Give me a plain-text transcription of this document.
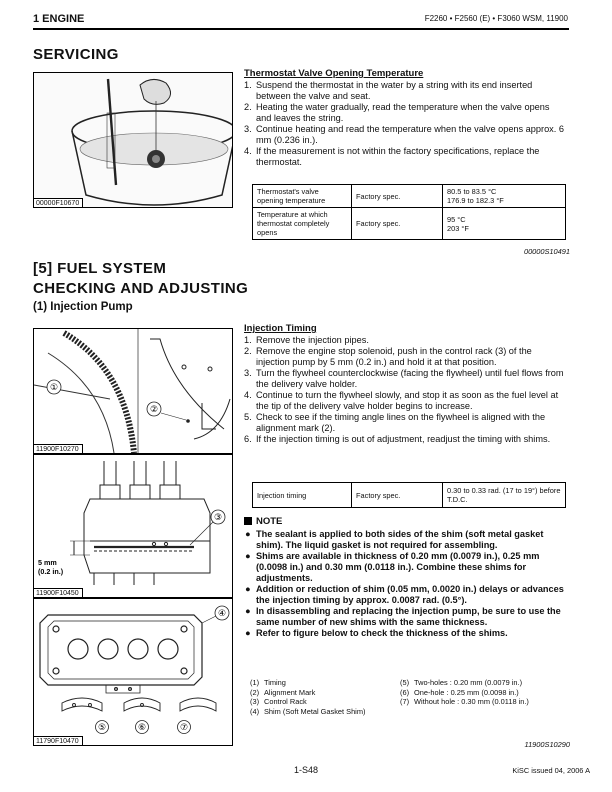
1 ENGINE	F2260 • F2560 (E) • F3060 WSM, 11900
SERVICING
00000F10670
Thermostat Valve Opening Temperature
1. Suspend the thermostat in the water by a string with its end inserted between the valve and seat.
2. Heating the water gradually, read the temperature when the valve opens and leaves the string.
3. Continue heating and read the temperature when the valve opens approx. 6 mm (0.236 in.).
4. If the measurement is not within the factory specifications, replace the thermostat.
Thermostat's valve opening temperature	Factory spec.	80.5 to 83.5 °C
176.9 to 182.3 °F

Temperature at which thermostat completely opens	Factory spec.	95 °C
203 °F
00000S10491
[5] FUEL SYSTEM
CHECKING AND ADJUSTING
(1) Injection Pump
①
②
11900F10270
③
5 mm
(0.2 in.)
11900F10450
④
⑤	⑥	⑦
11790F10470
Injection Timing
1. Remove the injection pipes.
2. Remove the engine stop solenoid, push in the control rack (3) of the injection pump by 5 mm (0.2 in.) and hold it at that position.
3. Turn the flywheel counterclockwise (facing the flywheel) until fuel flows from the delivery valve holder.
4. Continue to turn the flywheel slowly, and stop it as soon as the fuel level at the tip of the delivery valve holder begins to increase.
5. Check to see if the timing angle lines on the flywheel is aligned with the alignment mark (2).
6. If the injection timing is out of adjustment, readjust the timing with shims.
Injection timing	Factory spec.	0.30 to 0.33 rad. (17 to 19°) before T.D.C.
NOTE
● The sealant is applied to both sides of the shim (soft metal gasket shim). The liquid gasket is not required for assembling.
● Shims are available in thickness of 0.20 mm (0.0079 in.), 0.25 mm (0.0098 in.) and 0.30 mm (0.0118 in.). Combine these shims for adjustments.
● Addition or reduction of shim (0.05 mm, 0.0020 in.) delays or advances the injection timing by approx. 0.0087 rad. (0.5°).
● In disassembling and replacing the injection pump, be sure to use the same number of new shims with the same thickness.
● Refer to figure below to check the thickness of the shims.
(1) Timing
(2) Alignment Mark
(3) Control Rack
(4) Shim (Soft Metal Gasket Shim)
(5) Two-holes : 0.20 mm (0.0079 in.)
(6) One-hole : 0.25 mm (0.0098 in.)
(7) Without hole : 0.30 mm (0.0118 in.)
11900S10290
1-S48	KiSC issued 04, 2006 A
